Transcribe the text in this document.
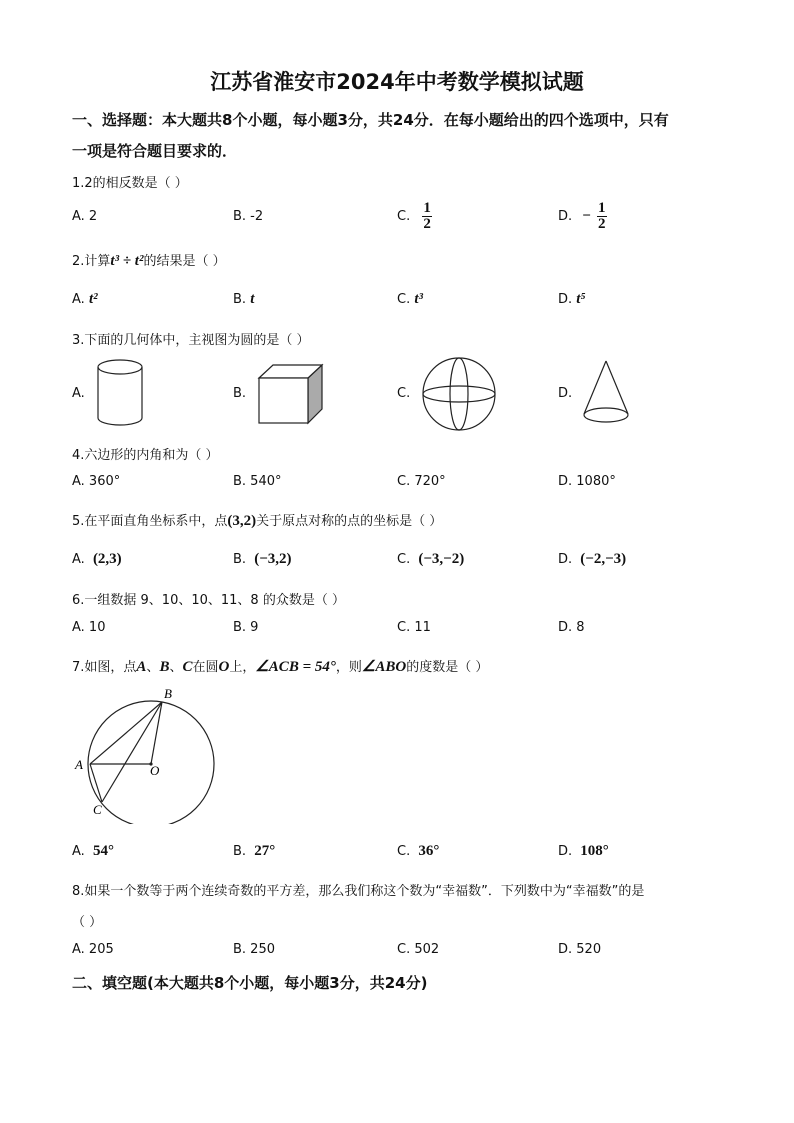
江苏省淮安市2024年中考数学模拟试题
一、选择题：本大题共8个小题，每小题3分，共24分．在每小题给出的四个选项中，只有
一项是符合题目要求的．
1.2的相反数是（ ）
A. 2	B. -2	C. $\frac{1}{2}$	D. − $\frac{1}{2}$
2.计算t³ ÷ t²的结果是（ ）
A. t²	B. t	C. t³	D. t⁵
3.下面的几何体中，主视图为圆的是（ ）
A.	B.	C.	D.
4.六边形的内角和为（ ）
A. 360°	B. 540°	C. 720°	D. 1080°
5.在平面直角坐标系中，点(3,2)关于原点对称的点的坐标是（ ）
A. (2,3)	B. (−3,2)	C. (−3,−2)	D. (−2,−3)
6.一组数据 9、10、10、11、8 的众数是（ ）
A. 10	B. 9	C. 11	D. 8
7.如图，点A、B、C在圆O上，∠ACB = 54°，则∠ABO的度数是（ ）
B
A	O
C
A. 54°	B. 27°	C. 36°	D. 108°
8.如果一个数等于两个连续奇数的平方差，那么我们称这个数为“幸福数”．下列数中为“幸福数”的是
（ ）
A. 205	B. 250	C. 502	D. 520
二、填空题(本大题共8个小题，每小题3分，共24分)
